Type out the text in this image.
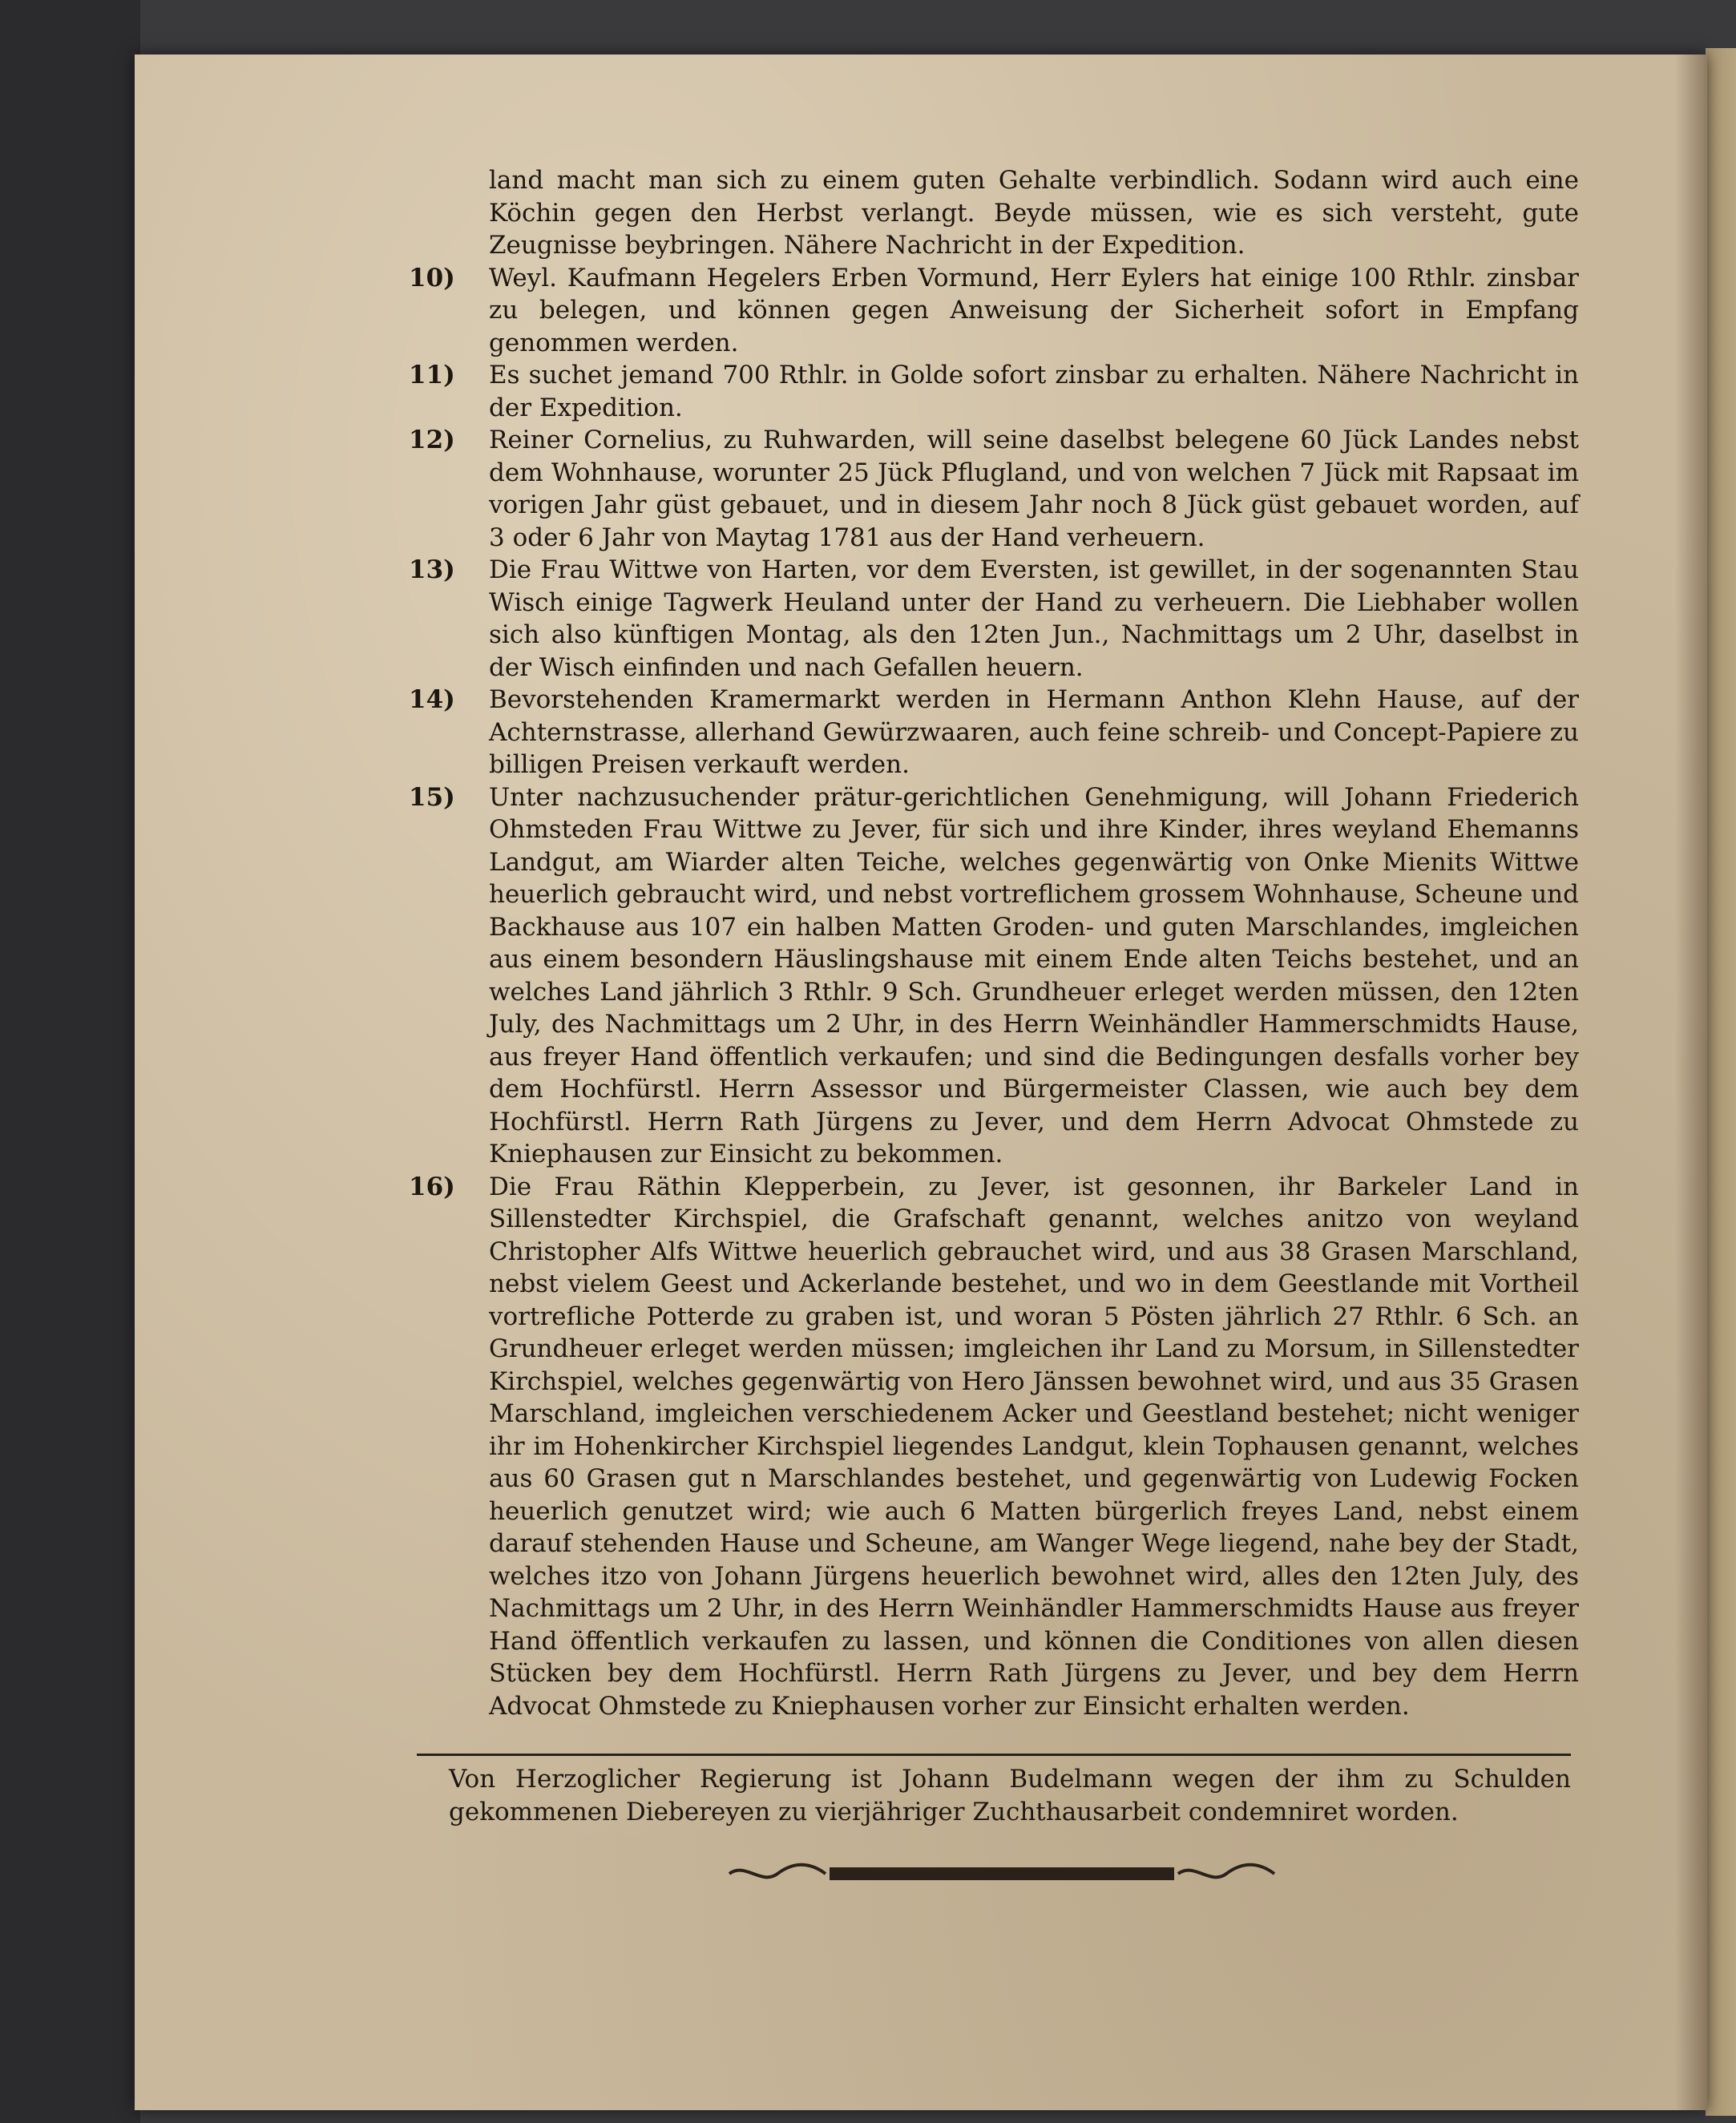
land macht man sich zu einem guten Gehalte verbindlich. Sodann wird auch eine Köchin gegen den Herbst verlangt. Beyde müssen, wie es sich versteht, gute Zeugnisse beybringen. Nähere Nachricht in der Expedition.

10)	Weyl. Kaufmann Hegelers Erben Vormund, Herr Eylers hat einige 100 Rthlr. zinsbar zu belegen, und können gegen Anweisung der Sicherheit sofort in Empfang genommen werden.

11)	Es suchet jemand 700 Rthlr. in Golde sofort zinsbar zu erhalten. Nähere Nachricht in der Expedition.

12)	Reiner Cornelius, zu Ruhwarden, will seine daselbst belegene 60 Jück Landes nebst dem Wohnhause, worunter 25 Jück Pflugland, und von welchen 7 Jück mit Rapsaat im vorigen Jahr güst gebauet, und in diesem Jahr noch 8 Jück güst gebauet worden, auf 3 oder 6 Jahr von Maytag 1781 aus der Hand verheuern.

13)	Die Frau Wittwe von Harten, vor dem Eversten, ist gewillet, in der sogenannten Stau Wisch einige Tagwerk Heuland unter der Hand zu verheuern. Die Liebhaber wollen sich also künftigen Montag, als den 12ten Jun., Nachmittags um 2 Uhr, daselbst in der Wisch einfinden und nach Gefallen heuern.

14)	Bevorstehenden Kramermarkt werden in Hermann Anthon Klehn Hause, auf der Achternstrasse, allerhand Gewürzwaaren, auch feine schreib- und Concept-Papiere zu billigen Preisen verkauft werden.

15)	Unter nachzusuchender prätur-gerichtlichen Genehmigung, will Johann Friederich Ohmsteden Frau Wittwe zu Jever, für sich und ihre Kinder, ihres weyland Ehemanns Landgut, am Wiarder alten Teiche, welches gegenwärtig von Onke Mienits Wittwe heuerlich gebraucht wird, und nebst vortreflichem grossem Wohnhause, Scheune und Backhause aus 107 ein halben Matten Groden- und guten Marschlandes, imgleichen aus einem besondern Häuslingshause mit einem Ende alten Teichs bestehet, und an welches Land jährlich 3 Rthlr. 9 Sch. Grundheuer erleget werden müssen, den 12ten July, des Nachmittags um 2 Uhr, in des Herrn Weinhändler Hammerschmidts Hause, aus freyer Hand öffentlich verkaufen; und sind die Bedingungen desfalls vorher bey dem Hochfürstl. Herrn Assessor und Bürgermeister Classen, wie auch bey dem Hochfürstl. Herrn Rath Jürgens zu Jever, und dem Herrn Advocat Ohmstede zu Kniephausen zur Einsicht zu bekommen.

16)	Die Frau Räthin Klepperbein, zu Jever, ist gesonnen, ihr Barkeler Land in Sillenstedter Kirchspiel, die Grafschaft genannt, welches anitzo von weyland Christopher Alfs Wittwe heuerlich gebrauchet wird, und aus 38 Grasen Marschland, nebst vielem Geest und Ackerlande bestehet, und wo in dem Geestlande mit Vortheil vortrefliche Potterde zu graben ist, und woran 5 Pösten jährlich 27 Rthlr. 6 Sch. an Grundheuer erleget werden müssen; imgleichen ihr Land zu Morsum, in Sillenstedter Kirchspiel, welches gegenwärtig von Hero Jänssen bewohnet wird, und aus 35 Grasen Marschland, imgleichen verschiedenem Acker und Geestland bestehet; nicht weniger ihr im Hohenkircher Kirchspiel liegendes Landgut, klein Tophausen genannt, welches aus 60 Grasen gut n Marschlandes bestehet, und gegenwärtig von Ludewig Focken heuerlich genutzet wird; wie auch 6 Matten bürgerlich freyes Land, nebst einem darauf stehenden Hause und Scheune, am Wanger Wege liegend, nahe bey der Stadt, welches itzo von Johann Jürgens heuerlich bewohnet wird, alles den 12ten July, des Nachmittags um 2 Uhr, in des Herrn Weinhändler Hammerschmidts Hause aus freyer Hand öffentlich verkaufen zu lassen, und können die Conditiones von allen diesen Stücken bey dem Hochfürstl. Herrn Rath Jürgens zu Jever, und bey dem Herrn Advocat Ohmstede zu Kniephausen vorher zur Einsicht erhalten werden.

Von Herzoglicher Regierung ist Johann Budelmann wegen der ihm zu Schulden gekommenen Diebereyen zu vierjähriger Zuchthausarbeit condemniret worden.
